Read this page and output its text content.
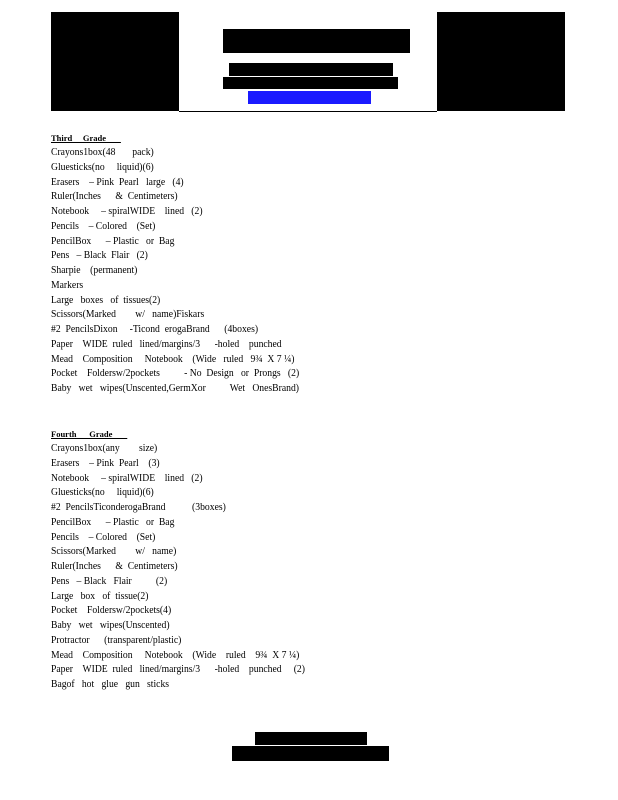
Third     Grade
Crayons1box(48       pack)
Gluesticks(no     liquid)(6)
Erasers    – Pink  Pearl   large   (4)
Ruler(Inches      &  Centimeters)
Notebook     – spiralWIDE    lined   (2)
Pencils    – Colored    (Set)
PencilBox      – Plastic   or  Bag
Pens   – Black  Flair   (2)
Sharpie    (permanent)
Markers
Large   boxes   of  tissues(2)
Scissors(Marked        w/   name)Fiskars
#2  PencilsDixon     -Ticond  erogaBrand      (4boxes)
Paper    WIDE  ruled   lined/margins/3      -holed    punched
Mead    Composition     Notebook    (Wide   ruled   9¾  X 7 ¼)
Pocket    Foldersw/2pockets          - No  Design   or  Prongs   (2)
Baby   wet   wipes(Unscented,GermXor          Wet   OnesBrand)
Fourth      Grade
Crayons1box(any        size)
Erasers    – Pink  Pearl    (3)
Notebook     – spiralWIDE    lined   (2)
Gluesticks(no     liquid)(6)
#2  PencilsTiconderogaBrand           (3boxes)
PencilBox      – Plastic   or  Bag
Pencils    – Colored    (Set)
Scissors(Marked        w/   name)
Ruler(Inches      &  Centimeters)
Pens   – Black   Flair          (2)
Large   box   of  tissue(2)
Pocket    Foldersw/2pockets(4)
Baby   wet   wipes(Unscented)
Protractor      (transparent/plastic)
Mead    Composition     Notebook    (Wide    ruled    9¾  X 7 ¼)
Paper    WIDE  ruled   lined/margins/3      -holed    punched     (2)
Bagof   hot   glue   gun   sticks
